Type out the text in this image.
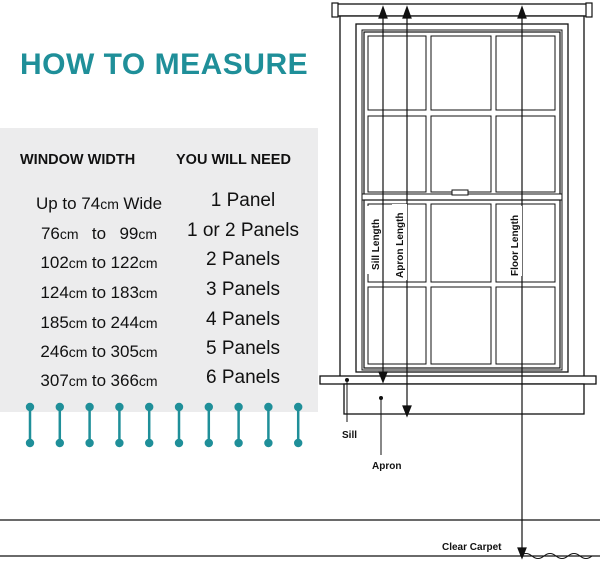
HOW TO MEASURE
WINDOW WIDTH	YOU WILL NEED
Up to 74cm Wide	1 Panel
76cm to 99cm	1 or 2 Panels
102cm to 122cm	2 Panels
124cm to 183cm	3 Panels
185cm to 244cm	4 Panels
246cm to 305cm	5 Panels
307cm to 366cm	6 Panels
Sill Length Apron Length	Floor Length
Sill
Apron
Clear Carpet
